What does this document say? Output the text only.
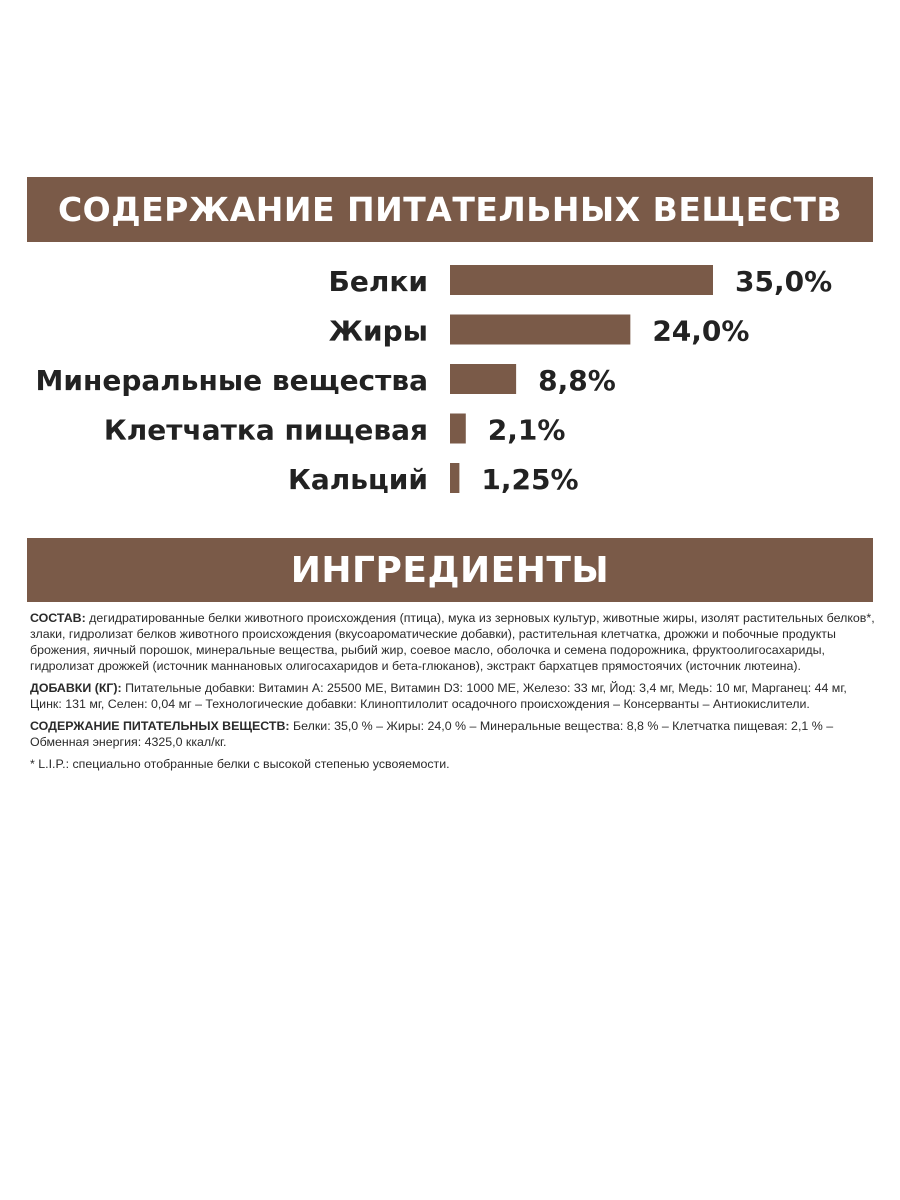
СОДЕРЖАНИЕ ПИТАТЕЛЬНЫХ ВЕЩЕСТВ
Белки	35,0%
Жиры	24,0%
Минеральные вещества	8,8%
Клетчатка пищевая 2,1%
Кальций 1,25%
ИНГРЕДИЕНТЫ

СОСТАВ: дегидратированные белки животного происхождения (птица), мука из зерновых культур, животные жиры, изолят растительных белков*, злаки, гидролизат белков животного происхождения (вкусоароматические добавки), растительная клетчатка, дрожжи и побочные продукты брожения, яичный порошок, минеральные вещества, рыбий жир, соевое масло, оболочка и семена подорожника, фруктоолигосахариды, гидролизат дрожжей (источник маннановых олигосахаридов и бета-глюканов), экстракт бархатцев прямостоячих (источник лютеина).

ДОБАВКИ (КГ): Питательные добавки: Витамин А: 25500 МЕ, Витамин D3: 1000 МЕ, Железо: 33 мг, Йод: 3,4 мг, Медь: 10 мг, Марганец: 44 мг, Цинк: 131 мг, Селен: 0,04 мг – Технологические добавки: Клиноптилолит осадочного происхождения – Консерванты – Антиокислители.

СОДЕРЖАНИЕ ПИТАТЕЛЬНЫХ ВЕЩЕСТВ: Белки: 35,0 % – Жиры: 24,0 % – Минеральные вещества: 8,8 % – Клетчатка пищевая: 2,1 % – Обменная энергия: 4325,0 ккал/кг.

* L.I.P.: специально отобранные белки с высокой степенью усвояемости.
